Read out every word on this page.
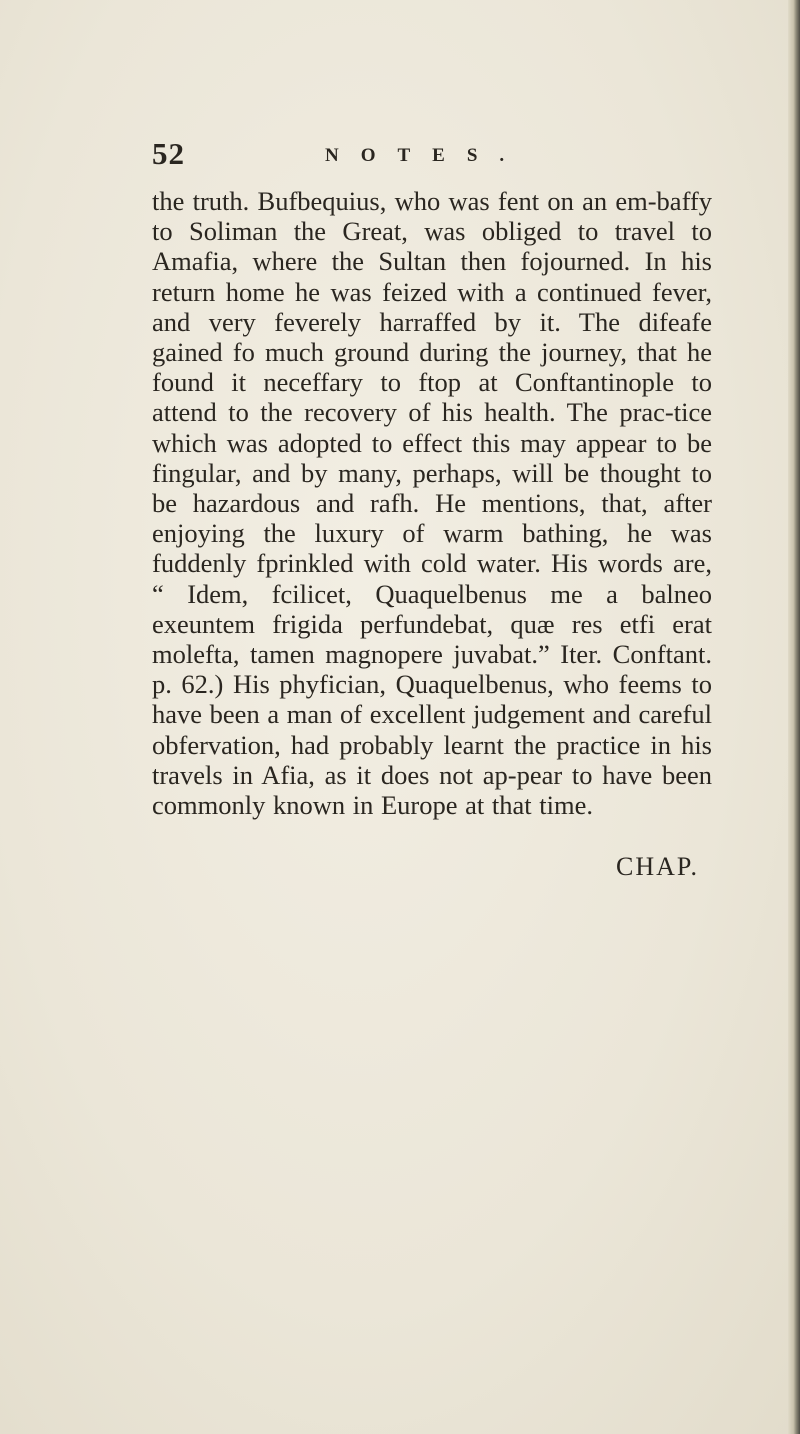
52	NOTES.

the truth. Bufbequius, who was fent on an em-baffy to Soliman the Great, was obliged to travel to Amafia, where the Sultan then fojourned. In his return home he was feized with a continued fever, and very feverely harraffed by it. The difeafe gained fo much ground during the journey, that he found it neceffary to ftop at Conftantinople to attend to the recovery of his health. The prac-tice which was adopted to effect this may appear to be fingular, and by many, perhaps, will be thought to be hazardous and rafh. He mentions, that, after enjoying the luxury of warm bathing, he was fuddenly fprinkled with cold water. His words are, “ Idem, fcilicet, Quaquelbenus me a balneo exeuntem frigida perfundebat, quæ res etfi erat molefta, tamen magnopere juvabat.” Iter. Conftant. p. 62.) His phyfician, Quaquelbenus, who feems to have been a man of excellent judgement and careful obfervation, had probably learnt the practice in his travels in Afia, as it does not ap-pear to have been commonly known in Europe at that time.

CHAP.
